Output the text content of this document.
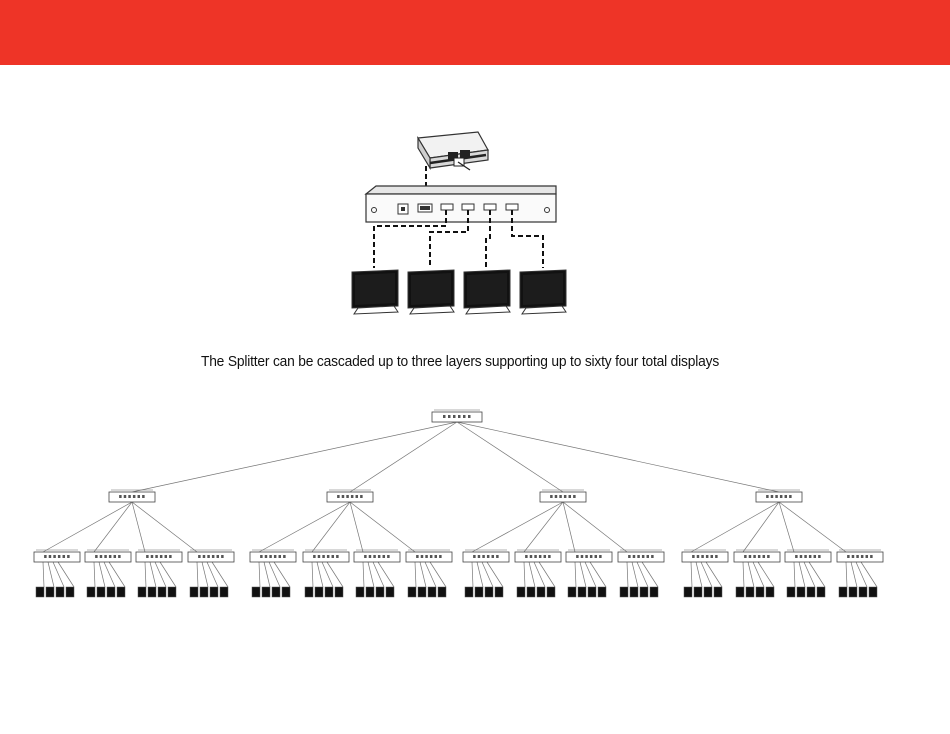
The Splitter can be cascaded up to three layers supporting up to sixty four total displays
